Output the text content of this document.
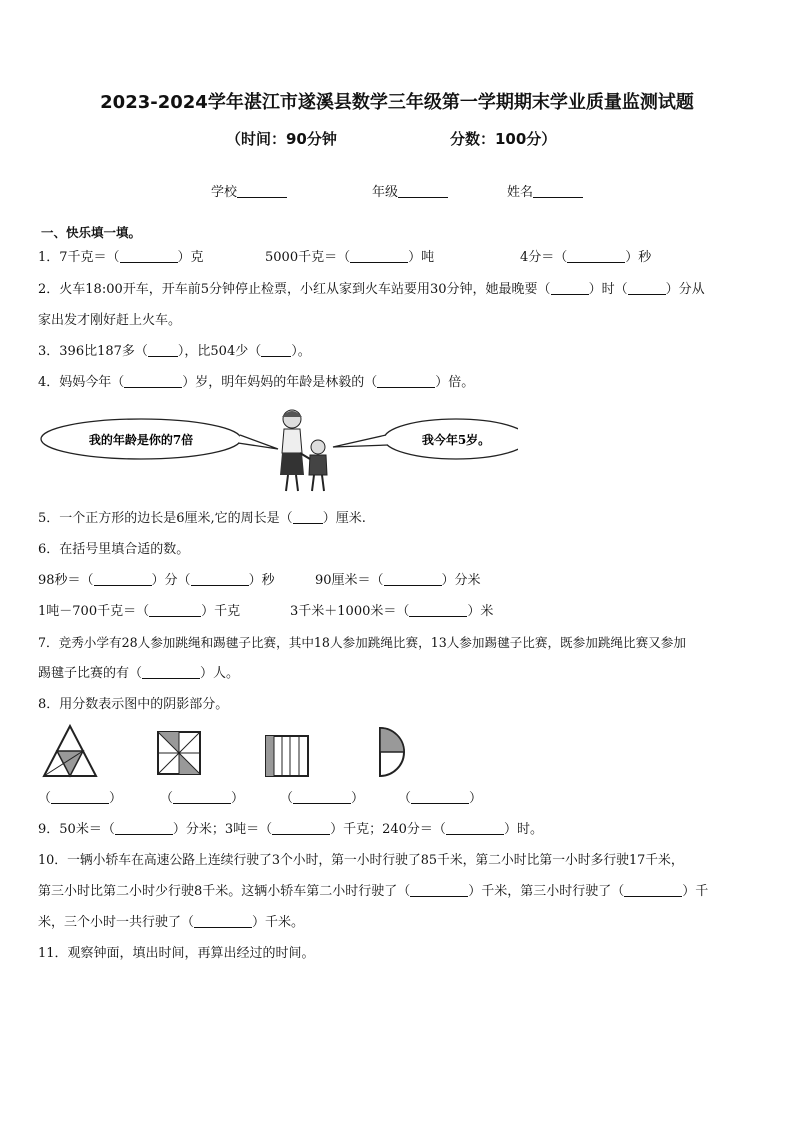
2023-2024学年湛江市遂溪县数学三年级第一学期期末学业质量监测试题
（时间：90分钟	分数：100分）
学校	年级	姓名
一、快乐填一填。
1．7千克＝（	）克	5000千克＝（	）吨	4分＝（	）秒
2．火车18:00开车，开车前5分钟停止检票，小红从家到火车站要用30分钟，她最晚要（	）时（	）分从
家出发才刚好赶上火车。
3．396比187多（ ），比504少（ ）。
4．妈妈今年（	）岁，明年妈妈的年龄是林毅的（	）倍。
我的年龄是你的7倍	我今年5岁。
5．一个正方形的边长是6厘米,它的周长是（ ）厘米.
6．在括号里填合适的数。
98秒＝（	）分（	）秒	90厘米＝（	）分米
1吨－700千克＝（	）千克	3千米＋1000米＝（	）米
7．竞秀小学有28人参加跳绳和踢毽子比赛，其中18人参加跳绳比赛，13人参加踢毽子比赛，既参加跳绳比赛又参加
踢毽子比赛的有（	）人。
8．用分数表示图中的阴影部分。
（	）	（	）	（	）	（	）
9．50米＝（	）分米；3吨＝（	）千克；240分＝（	）时。
10．一辆小轿车在高速公路上连续行驶了3个小时，第一小时行驶了85千米，第二小时比第一小时多行驶17千米，
第三小时比第二小时少行驶8千米。这辆小轿车第二小时行驶了（	）千米，第三小时行驶了（	）千
米，三个小时一共行驶了（	）千米。
11．观察钟面，填出时间，再算出经过的时间。
